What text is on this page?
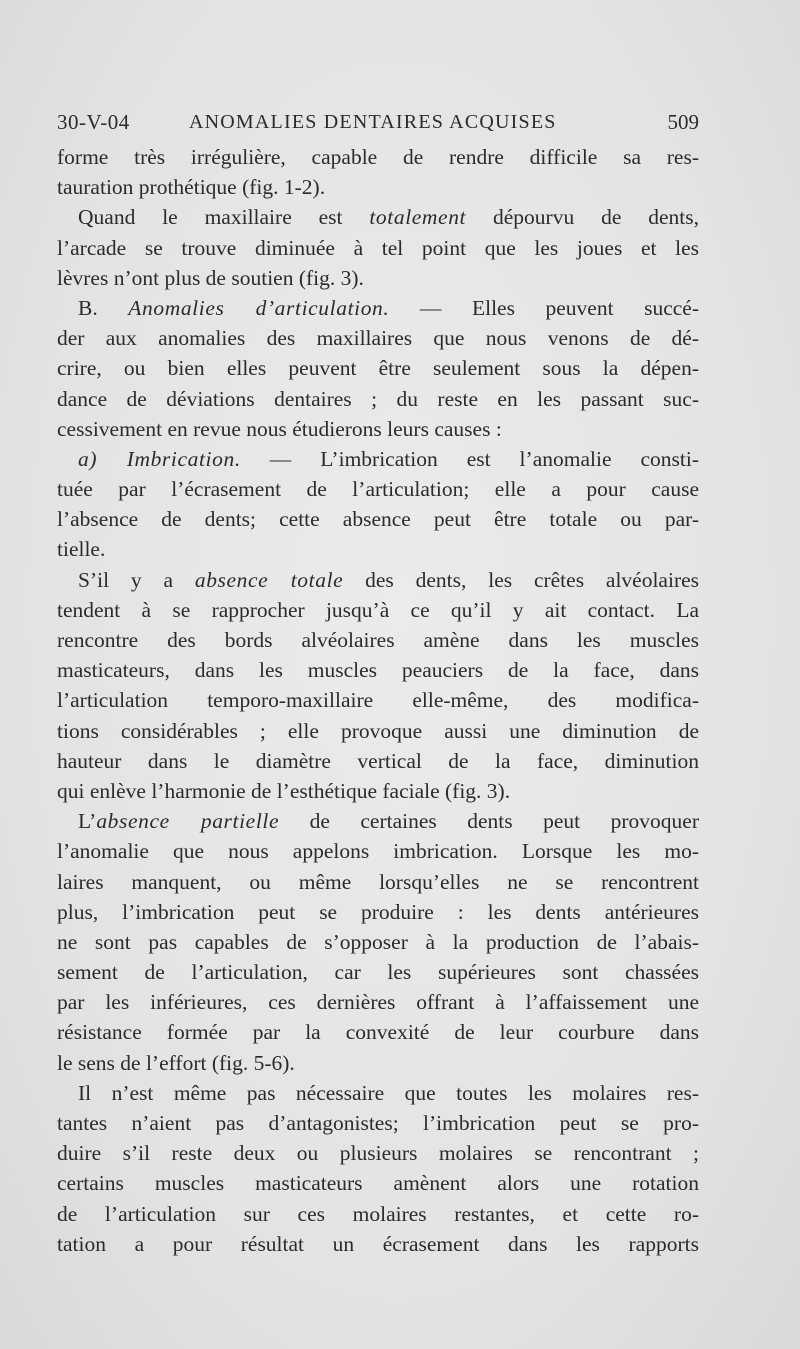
30-V-04	ANOMALIES DENTAIRES ACQUISES	509
forme très irrégulière, capable de rendre difficile sa res-
tauration prothétique (fig. 1-2).
Quand le maxillaire est totalement dépourvu de dents,
l’arcade se trouve diminuée à tel point que les joues et les
lèvres n’ont plus de soutien (fig. 3).
B. Anomalies d’articulation. — Elles peuvent succé-
der aux anomalies des maxillaires que nous venons de dé-
crire, ou bien elles peuvent être seulement sous la dépen-
dance de déviations dentaires ; du reste en les passant suc-
cessivement en revue nous étudierons leurs causes :
a) Imbrication. — L’imbrication est l’anomalie consti-
tuée par l’écrasement de l’articulation; elle a pour cause
l’absence de dents; cette absence peut être totale ou par-
tielle.
S’il y a absence totale des dents, les crêtes alvéolaires
tendent à se rapprocher jusqu’à ce qu’il y ait contact. La
rencontre des bords alvéolaires amène dans les muscles
masticateurs, dans les muscles peauciers de la face, dans
l’articulation temporo-maxillaire elle-même, des modifica-
tions considérables ; elle provoque aussi une diminution de
hauteur dans le diamètre vertical de la face, diminution
qui enlève l’harmonie de l’esthétique faciale (fig. 3).
L’absence partielle de certaines dents peut provoquer
l’anomalie que nous appelons imbrication. Lorsque les mo-
laires manquent, ou même lorsqu’elles ne se rencontrent
plus, l’imbrication peut se produire : les dents antérieures
ne sont pas capables de s’opposer à la production de l’abais-
sement de l’articulation, car les supérieures sont chassées
par les inférieures, ces dernières offrant à l’affaissement une
résistance formée par la convexité de leur courbure dans
le sens de l’effort (fig. 5-6).
Il n’est même pas nécessaire que toutes les molaires res-
tantes n’aient pas d’antagonistes; l’imbrication peut se pro-
duire s’il reste deux ou plusieurs molaires se rencontrant ;
certains muscles masticateurs amènent alors une rotation
de l’articulation sur ces molaires restantes, et cette ro-
tation a pour résultat un écrasement dans les rapports
